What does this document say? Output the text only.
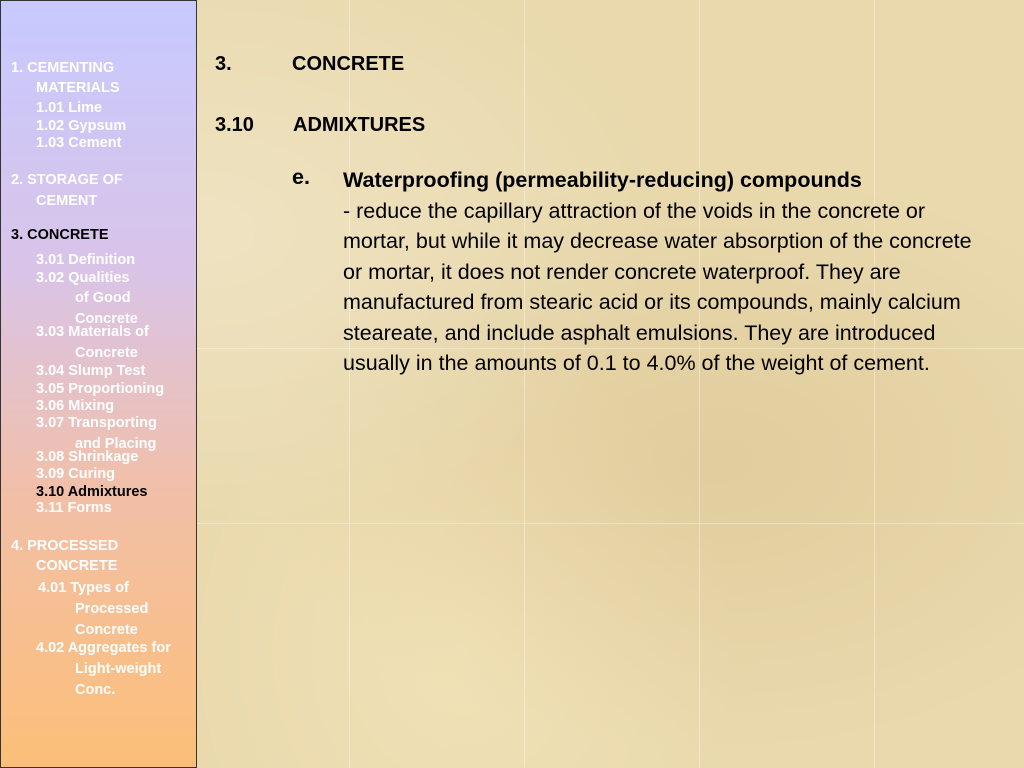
1. CEMENTING
MATERIALS
1.01 Lime
1.02 Gypsum
1.03 Cement
2. STORAGE OF
CEMENT
3. CONCRETE
3.01 Definition
3.02 Qualities
of Good
Concrete
3.03 Materials of
Concrete
3.04 Slump Test
3.05 Proportioning
3.06 Mixing
3.07 Transporting
and Placing
3.08 Shrinkage
3.09 Curing
3.10 Admixtures
3.11 Forms
4. PROCESSED
CONCRETE
4.01 Types of
Processed
Concrete
4.02 Aggregates for
Light-weight
Conc.
3.	CONCRETE
3.10 ADMIXTURES
e. Waterproofing (permeability-reducing) compounds
- reduce the capillary attraction of the voids in the concrete or mortar, but while it may decrease water absorption of the concrete or mortar, it does not render concrete waterproof. They are manufactured from stearic acid or its compounds, mainly calcium steareate, and include asphalt emulsions. They are introduced usually in the amounts of 0.1 to 4.0% of the weight of cement.
